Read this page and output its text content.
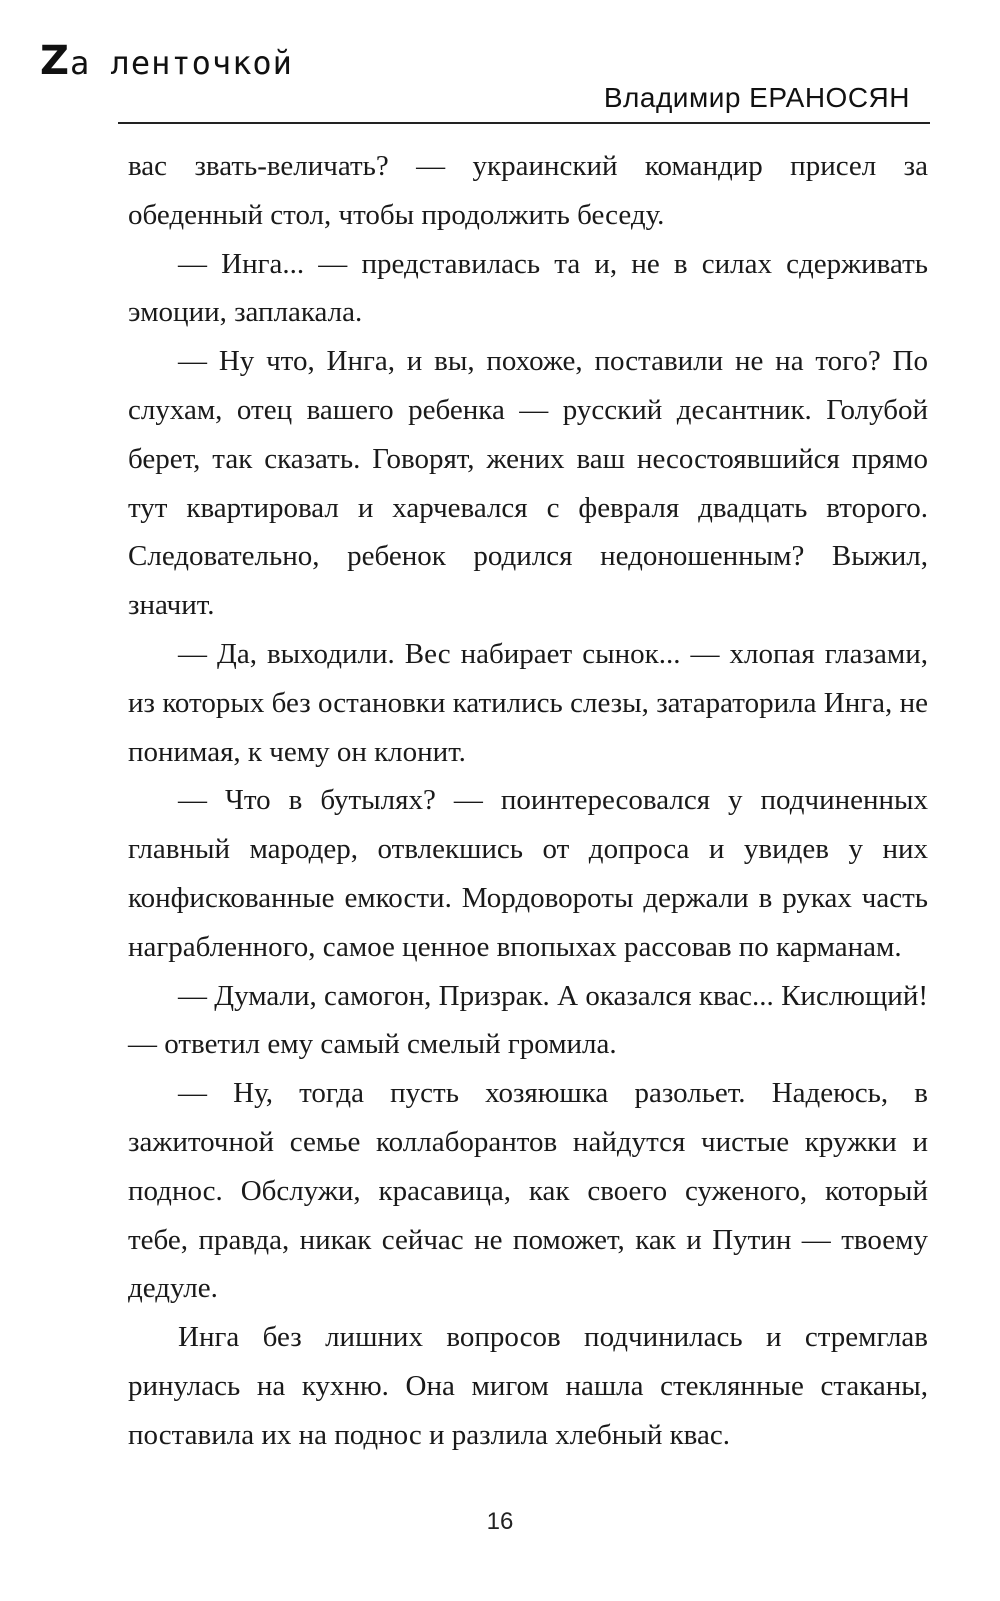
Zа ленточкой
Владимир ЕРАНОСЯН

вас звать-величать? — украинский командир присел за обеденный стол, чтобы продолжить беседу.

— Инга... — представилась та и, не в силах сдерживать эмоции, заплакала.

— Ну что, Инга, и вы, похоже, поставили не на того? По слухам, отец вашего ребенка — русский десантник. Голубой берет, так сказать. Говорят, жених ваш несостоявшийся прямо тут квартировал и харчевался с февраля двадцать второго. Следовательно, ребенок родился недоношенным? Выжил, значит.

— Да, выходили. Вес набирает сынок... — хлопая глазами, из которых без остановки катились слезы, затараторила Инга, не понимая, к чему он клонит.

— Что в бутылях? — поинтересовался у подчиненных главный мародер, отвлекшись от допроса и увидев у них конфискованные емкости. Мордовороты держали в руках часть награбленного, самое ценное впопыхах рассовав по карманам.

— Думали, самогон, Призрак. А оказался квас... Кислющий! — ответил ему самый смелый громила.

— Ну, тогда пусть хозяюшка разольет. Надеюсь, в зажиточной семье коллаборантов найдутся чистые кружки и поднос. Обслужи, красавица, как своего суженого, который тебе, правда, никак сейчас не поможет, как и Путин — твоему дедуле.

Инга без лишних вопросов подчинилась и стремглав ринулась на кухню. Она мигом нашла стеклянные стаканы, поставила их на поднос и разлила хлебный квас.

16
